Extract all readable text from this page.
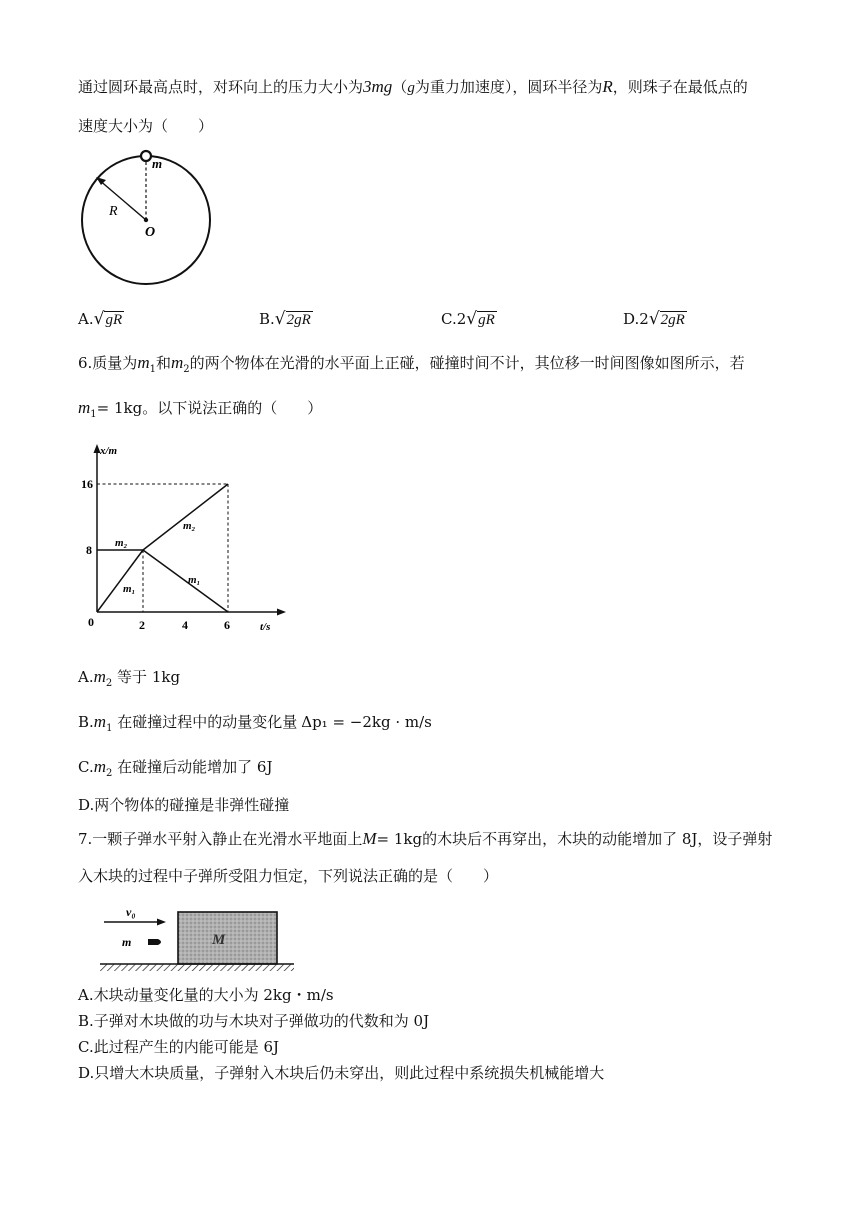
通过圆环最高点时，对环向上的压力大小为3mg（g为重力加速度），圆环半径为R，则珠子在最低点的
速度大小为（　　）
m
R
O
A.√gR	B.√2gR	C.2√gR	D.2√2gR
6.质量为$m_1$和$m_2$的两个物体在光滑的水平面上正碰，碰撞时间不计，其位移一时间图像如图所示，若
$m_1= 1kg$。以下说法正确的（　　）
x/m
t/s
16
8
0	2	4	6
m₂
m₁
m₂
m₁
$A.m_2$ 等于 1kg
$B.m_1$ 在碰撞过程中的动量变化量 Δp₁ = −2kg · m/s
$C.m_2$ 在碰撞后动能增加了 6J
D.两个物体的碰撞是非弹性碰撞
7.一颗子弹水平射入静止在光滑水平地面上M= 1kg的木块后不再穿出，木块的动能增加了 8J，设子弹射
入木块的过程中子弹所受阻力恒定，下列说法正确的是（　　）
v₀
m	M
A.木块动量变化量的大小为 2kg・m/s
B.子弹对木块做的功与木块对子弹做功的代数和为 0J
C.此过程产生的内能可能是 6J
D.只增大木块质量，子弹射入木块后仍未穿出，则此过程中系统损失机械能增大
